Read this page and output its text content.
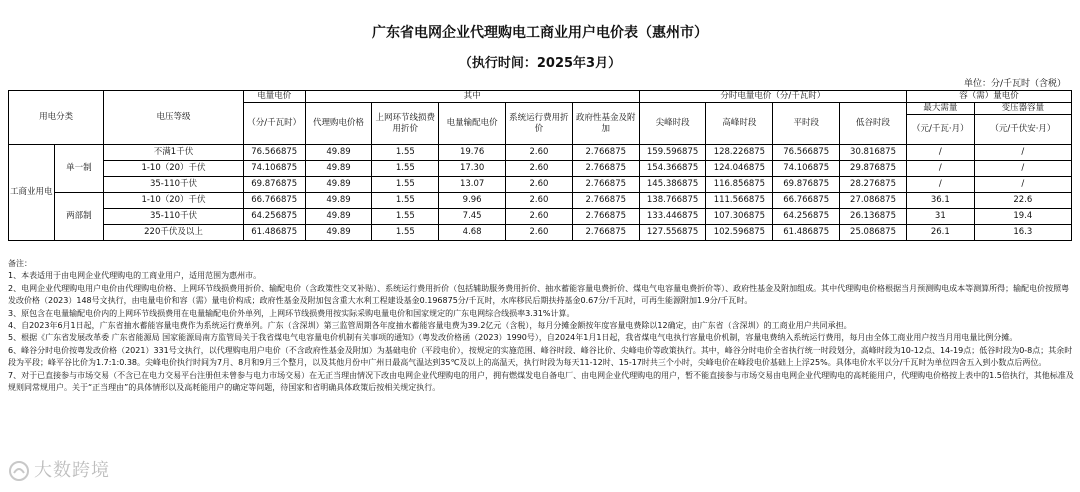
广东省电网企业代理购电工商业用户电价表（惠州市）
（执行时间：2025年3月）
单位：分/千瓦时（含税）
用电分类		电压等级	电量电价	其中					分时电量电价（分/千瓦时）				容（需）量电价	
			（分/千瓦时）	代理购电价格	上网环节线损费用折价	电量输配电价	系统运行费用折价	政府性基金及附加	尖峰时段	高峰时段	平时段	低谷时段	最大需量	变压器容量
													（元/千瓦·月）	（元/千伏安·月）
工商业用电	单一制	不满1千伏	76.566875	49.89	1.55	19.76	2.60	2.766875	159.596875	128.226875	76.566875	30.816875	/	/
		1-10（20）千伏	74.106875	49.89	1.55	17.30	2.60	2.766875	154.366875	124.046875	74.106875	29.876875	/	/
		35-110千伏	69.876875	49.89	1.55	13.07	2.60	2.766875	145.386875	116.856875	69.876875	28.276875	/	/
	两部制	1-10（20）千伏	66.766875	49.89	1.55	9.96	2.60	2.766875	138.766875	111.566875	66.766875	27.086875	36.1	22.6
		35-110千伏	64.256875	49.89	1.55	7.45	2.60	2.766875	133.446875	107.306875	64.256875	26.136875	31	19.4
		220千伏及以上	61.486875	49.89	1.55	4.68	2.60	2.766875	127.556875	102.596875	61.486875	25.086875	26.1	16.3
备注：
1、本表适用于由电网企业代理购电的工商业用户，适用范围为惠州市。
2、电网企业代理购电用户电价由代理购电价格、上网环节线损费用折价、输配电价（含政策性交叉补贴）、系统运行费用折价（包括辅助服务费用折价、抽水蓄能容量电费折价、煤电气电容量电费折价等）、政府性基金及附加组成。其中代理购电价格根据当月预测购电成本等测算所得；输配电价按照粤发改价格（2023）148号文执行，由电量电价和容（需）量电价构成；政府性基金及附加包含重大水利工程建设基金0.196875分/千瓦时，水库移民后期扶持基金0.67分/千瓦时，可再生能源附加1.9分/千瓦时。
3、原包含在电量输配电价内的上网环节线损费用在电量输配电价外单列，上网环节线损费用按实际采购电量电价和国家规定的广东电网综合线损率3.31%计算。
4、自2023年6月1日起，广东省抽水蓄能容量电费作为系统运行费单列。广东（含深圳）第三监管周期各年度抽水蓄能容量电费为39.2亿元（含税），每月分摊金额按年度容量电费除以12确定，由广东省（含深圳）的工商业用户共同承担。
5、根据《广东省发展改革委 广东省能源局 国家能源局南方监管局关于我省煤电气电容量电价机制有关事项的通知》（粤发改价格函（2023）1990号），自2024年1月1日起，我省煤电气电执行容量电价机制，容量电费纳入系统运行费用，每月由全体工商业用户按当月用电量比例分摊。
6、峰谷分时电价按粤发改价格（2021）331号文执行，以代理购电用户电价（不含政府性基金及附加）为基础电价（平段电价），按规定的实施范围、峰谷时段、峰谷比价、尖峰电价等政策执行。其中，峰谷分时电价全省执行统一时段划分，高峰时段为10-12点、14-19点；低谷时段为0-8点；其余时段为平段；峰平谷比价为1.7:1:0.38。尖峰电价执行时间为7月、8月和9月三个整月，以及其他月份中广州日最高气温达到35℃及以上的高温天，执行时段为每天11-12时、15-17时共三个小时，尖峰电价在峰段电价基础上上浮25%。具体电价水平以分/千瓦时为单位四舍五入到小数点后两位。
7、对于已直接参与市场交易（不含已在电力交易平台注册但未曾参与电力市场交易）在无正当理由情况下改由电网企业代理购电的用户，拥有燃煤发电自备电厂、由电网企业代理购电的用户，暂不能直接参与市场交易由电网企业代理购电的高耗能用户，代理购电价格按上表中的1.5倍执行，其他标准及规则同常规用户。关于“正当理由”的具体情形以及高耗能用户的确定等问题，待国家和省明确具体政策后按相关规定执行。
大数跨境
